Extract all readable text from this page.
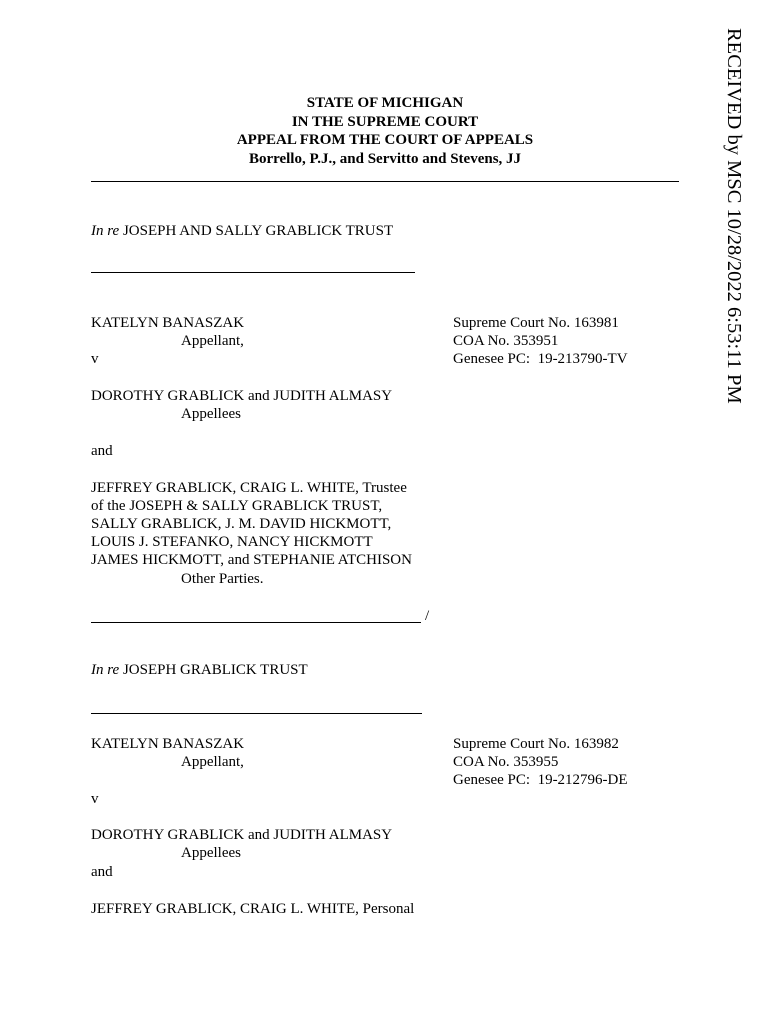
RECEIVED by MSC 10/28/2022 6:53:11 PM
STATE OF MICHIGAN
IN THE SUPREME COURT
APPEAL FROM THE COURT OF APPEALS
Borrello, P.J., and Servitto and Stevens, JJ
In re JOSEPH AND SALLY GRABLICK TRUST
KATELYN BANASZAK
Appellant,
v
Supreme Court No. 163981
COA No. 353951
Genesee PC:  19-213790-TV
DOROTHY GRABLICK and JUDITH ALMASY
Appellees
and
JEFFREY GRABLICK, CRAIG L. WHITE, Trustee
of the JOSEPH & SALLY GRABLICK TRUST,
SALLY GRABLICK, J. M. DAVID HICKMOTT,
LOUIS J. STEFANKO, NANCY HICKMOTT
JAMES HICKMOTT, and STEPHANIE ATCHISON
Other Parties.
/
In re JOSEPH GRABLICK TRUST
KATELYN BANASZAK
Appellant,
Supreme Court No. 163982
COA No. 353955
Genesee PC:  19-212796-DE
v
DOROTHY GRABLICK and JUDITH ALMASY
Appellees
and
JEFFREY GRABLICK, CRAIG L. WHITE, Personal
